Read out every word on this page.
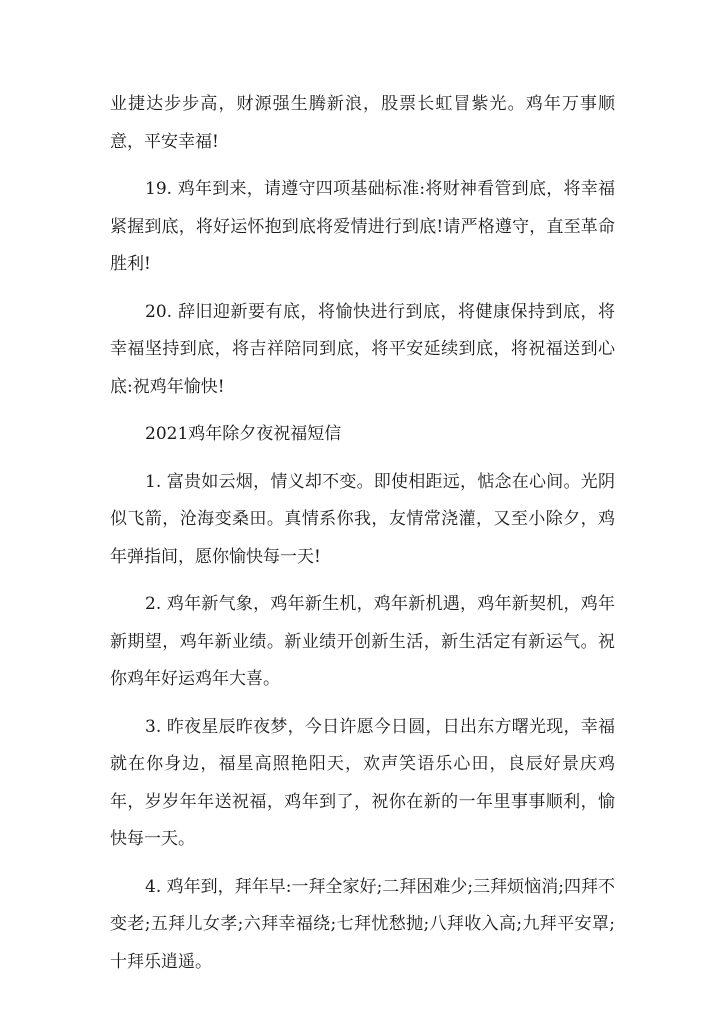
业捷达步步高，财源强生腾新浪，股票长虹冒紫光。鸡年万事顺意，平安幸福!

19. 鸡年到来，请遵守四项基础标准:将财神看管到底，将幸福紧握到底，将好运怀抱到底将爱情进行到底!请严格遵守，直至革命胜利!

20. 辞旧迎新要有底，将愉快进行到底，将健康保持到底，将幸福坚持到底，将吉祥陪同到底，将平安延续到底，将祝福送到心底:祝鸡年愉快!

2021鸡年除夕夜祝福短信

1. 富贵如云烟，情义却不变。即使相距远，惦念在心间。光阴似飞箭，沧海变桑田。真情系你我，友情常浇灌，又至小除夕，鸡年弹指间，愿你愉快每一天!

2. 鸡年新气象，鸡年新生机，鸡年新机遇，鸡年新契机，鸡年新期望，鸡年新业绩。新业绩开创新生活，新生活定有新运气。祝你鸡年好运鸡年大喜。

3. 昨夜星辰昨夜梦，今日许愿今日圆，日出东方曙光现，幸福就在你身边，福星高照艳阳天，欢声笑语乐心田，良辰好景庆鸡年，岁岁年年送祝福，鸡年到了，祝你在新的一年里事事顺利，愉快每一天。

4. 鸡年到，拜年早:一拜全家好;二拜困难少;三拜烦恼消;四拜不变老;五拜儿女孝;六拜幸福绕;七拜忧愁抛;八拜收入高;九拜平安罩;十拜乐逍遥。
